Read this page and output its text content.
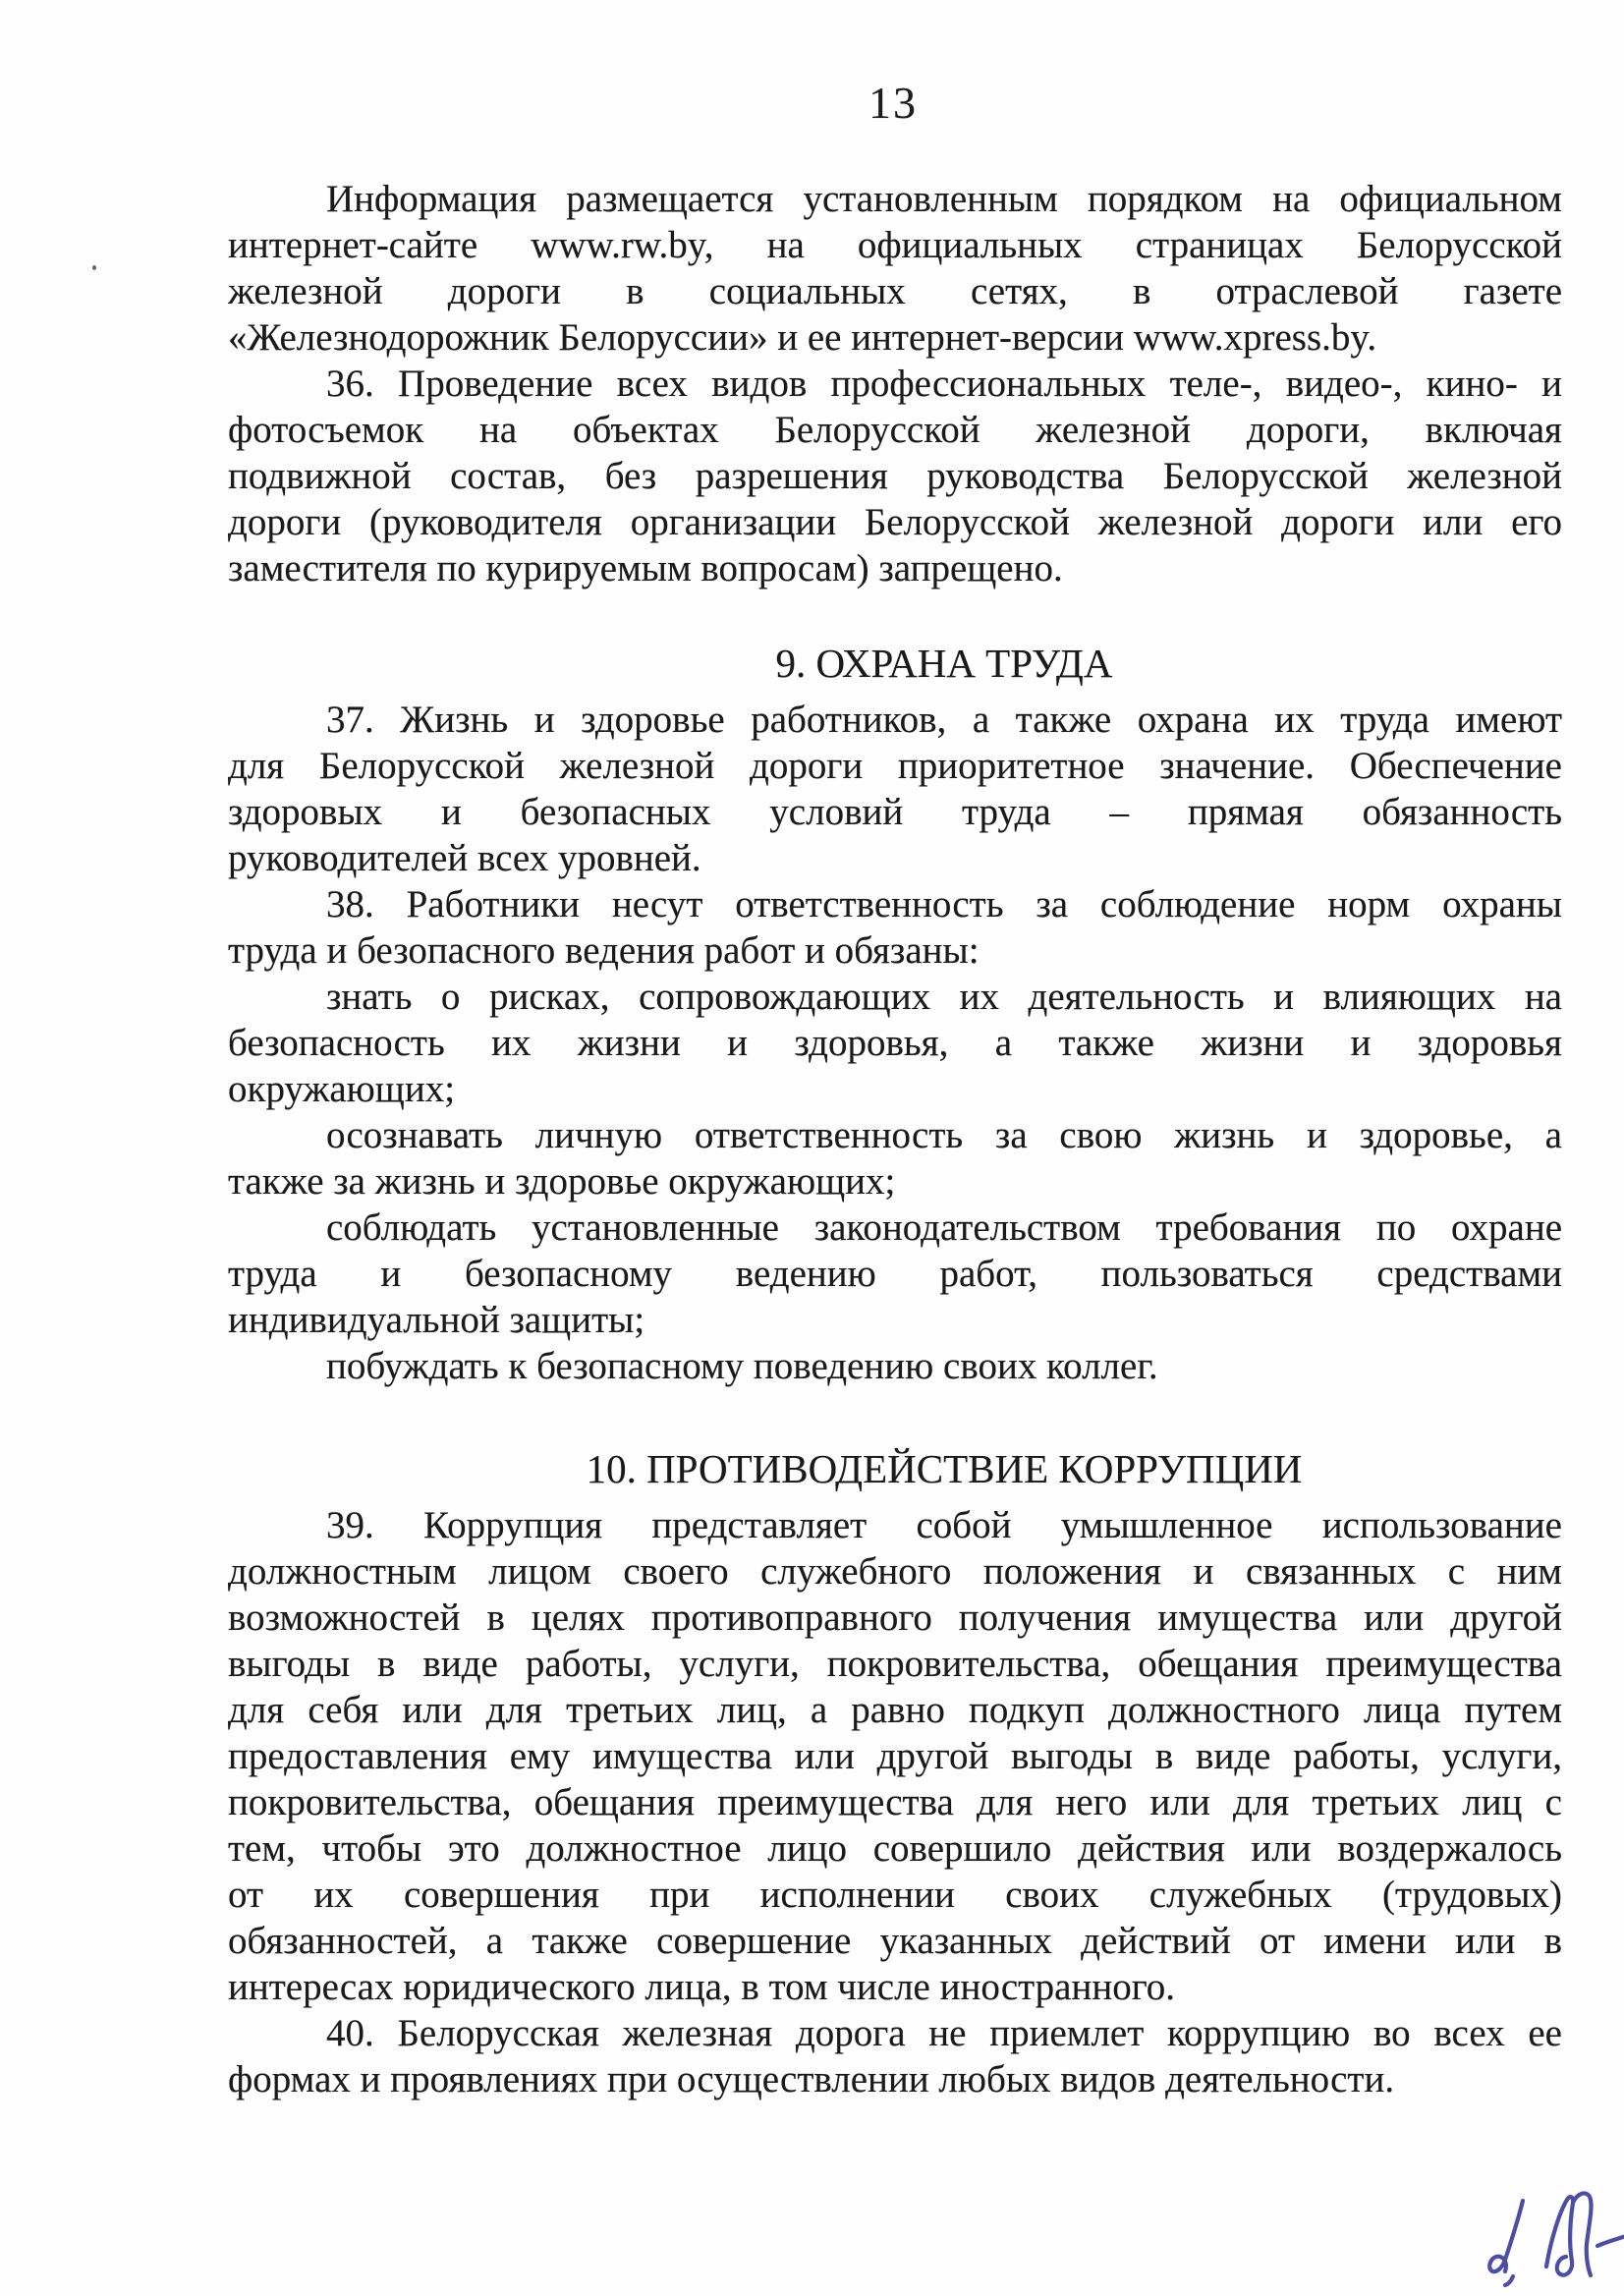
13
Информация размещается установленным порядком на официальном
интернет-сайте www.rw.by, на официальных страницах Белорусской
железной дороги в социальных сетях, в отраслевой газете
«Железнодорожник Белоруссии» и ее интернет-версии www.xpress.by.
36. Проведение всех видов профессиональных теле-, видео-, кино- и
фотосъемок на объектах Белорусской железной дороги, включая
подвижной состав, без разрешения руководства Белорусской железной
дороги (руководителя организации Белорусской железной дороги или его
заместителя по курируемым вопросам) запрещено.
9. ОХРАНА ТРУДА
37. Жизнь и здоровье работников, а также охрана их труда имеют
для Белорусской железной дороги приоритетное значение. Обеспечение
здоровых и безопасных условий труда – прямая обязанность
руководителей всех уровней.
38. Работники несут ответственность за соблюдение норм охраны
труда и безопасного ведения работ и обязаны:
знать о рисках, сопровождающих их деятельность и влияющих на
безопасность их жизни и здоровья, а также жизни и здоровья
окружающих;
осознавать личную ответственность за свою жизнь и здоровье, а
также за жизнь и здоровье окружающих;
соблюдать установленные законодательством требования по охране
труда и безопасному ведению работ, пользоваться средствами
индивидуальной защиты;
побуждать к безопасному поведению своих коллег.
10. ПРОТИВОДЕЙСТВИЕ КОРРУПЦИИ
39. Коррупция представляет собой умышленное использование
должностным лицом своего служебного положения и связанных с ним
возможностей в целях противоправного получения имущества или другой
выгоды в виде работы, услуги, покровительства, обещания преимущества
для себя или для третьих лиц, а равно подкуп должностного лица путем
предоставления ему имущества или другой выгоды в виде работы, услуги,
покровительства, обещания преимущества для него или для третьих лиц с
тем, чтобы это должностное лицо совершило действия или воздержалось
от их совершения при исполнении своих служебных (трудовых)
обязанностей, а также совершение указанных действий от имени или в
интересах юридического лица, в том числе иностранного.
40. Белорусская железная дорога не приемлет коррупцию во всех ее
формах и проявлениях при осуществлении любых видов деятельности.
